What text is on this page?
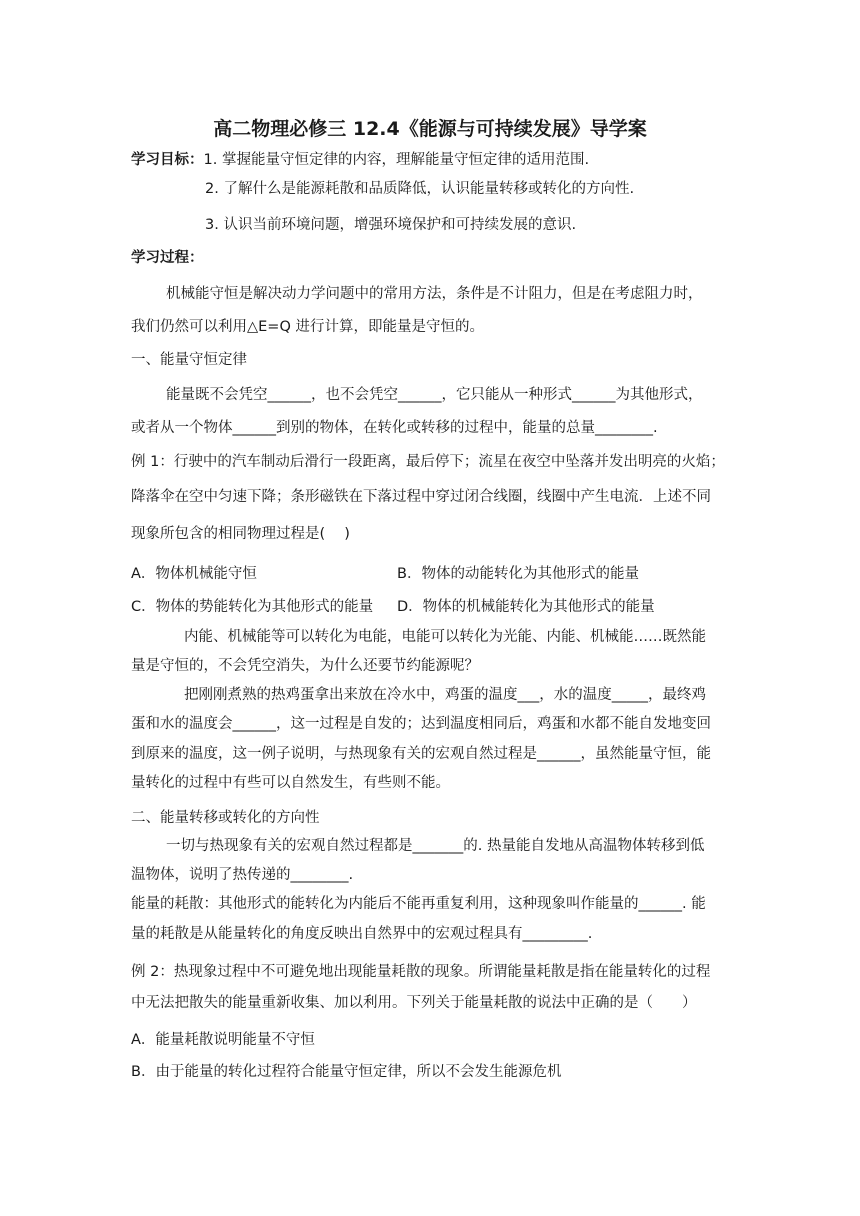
高二物理必修三 12.4《能源与可持续发展》导学案
学习目标：1. 掌握能量守恒定律的内容，理解能量守恒定律的适用范围.
2. 了解什么是能源耗散和品质降低，认识能量转移或转化的方向性.
3. 认识当前环境问题，增强环境保护和可持续发展的意识.
学习过程：
机械能守恒是解决动力学问题中的常用方法，条件是不计阻力，但是在考虑阻力时，
我们仍然可以利用△E=Q 进行计算，即能量是守恒的。
一、能量守恒定律
能量既不会凭空______，也不会凭空______，它只能从一种形式______为其他形式，
或者从一个物体______到别的物体，在转化或转移的过程中，能量的总量________.
例 1：行驶中的汽车制动后滑行一段距离，最后停下；流星在夜空中坠落并发出明亮的火焰；
降落伞在空中匀速下降；条形磁铁在下落过程中穿过闭合线圈，线圈中产生电流．上述不同
现象所包含的相同物理过程是(　 )
A．物体机械能守恒	B．物体的动能转化为其他形式的能量
C．物体的势能转化为其他形式的能量 D．物体的机械能转化为其他形式的能量
内能、机械能等可以转化为电能，电能可以转化为光能、内能、机械能……既然能
量是守恒的，不会凭空消失，为什么还要节约能源呢？
把刚刚煮熟的热鸡蛋拿出来放在冷水中，鸡蛋的温度___，水的温度_____，最终鸡
蛋和水的温度会______，这一过程是自发的；达到温度相同后，鸡蛋和水都不能自发地变回
到原来的温度，这一例子说明，与热现象有关的宏观自然过程是______，虽然能量守恒，能
量转化的过程中有些可以自然发生，有些则不能。
二、能量转移或转化的方向性
一切与热现象有关的宏观自然过程都是_______的. 热量能自发地从高温物体转移到低
温物体，说明了热传递的________.
能量的耗散：其他形式的能转化为内能后不能再重复利用，这种现象叫作能量的______. 能
量的耗散是从能量转化的角度反映出自然界中的宏观过程具有_________.
例 2：热现象过程中不可避免地出现能量耗散的现象。所谓能量耗散是指在能量转化的过程
中无法把散失的能量重新收集、加以利用。下列关于能量耗散的说法中正确的是（　　）
A．能量耗散说明能量不守恒
B．由于能量的转化过程符合能量守恒定律，所以不会发生能源危机
